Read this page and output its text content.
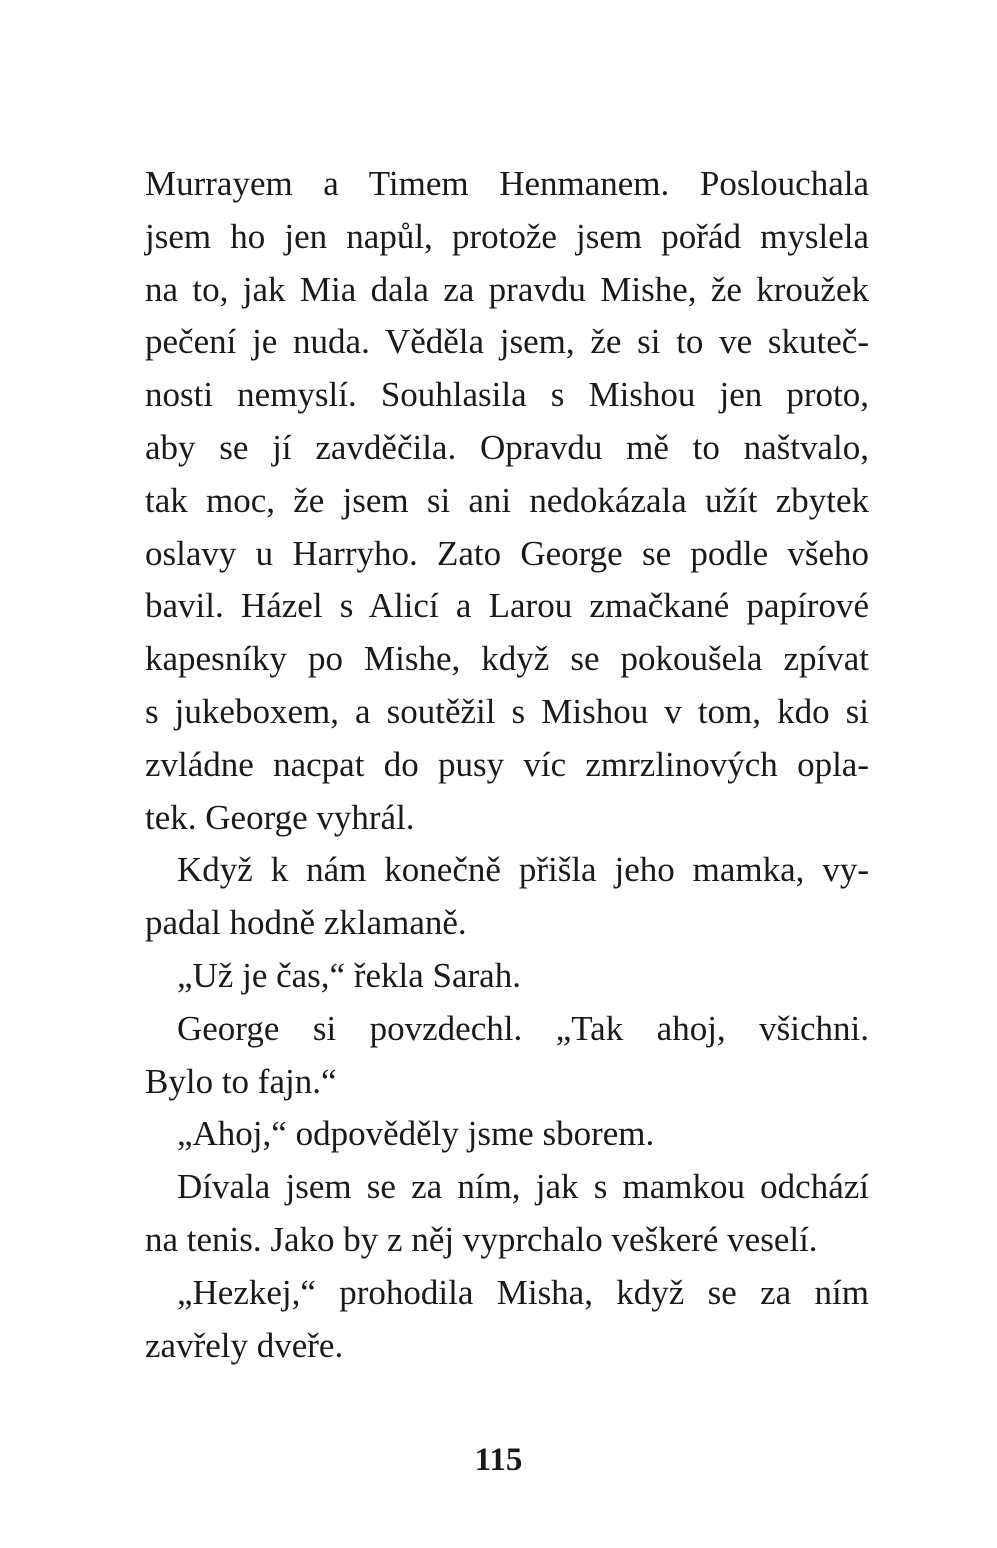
Murrayem a Timem Henmanem. Poslouchala
jsem ho jen napůl, protože jsem pořád myslela
na to, jak Mia dala za pravdu Mishe, že kroužek
pečení je nuda. Věděla jsem, že si to ve skuteč-
nosti nemyslí. Souhlasila s Mishou jen proto,
aby se jí zavděčila. Opravdu mě to naštvalo,
tak moc, že jsem si ani nedokázala užít zbytek
oslavy u Harryho. Zato George se podle všeho
bavil. Házel s Alicí a Larou zmačkané papírové
kapesníky po Mishe, když se pokoušela zpívat
s jukeboxem, a soutěžil s Mishou v tom, kdo si
zvládne nacpat do pusy víc zmrzlinových opla-
tek. George vyhrál.
Když k nám konečně přišla jeho mamka, vy-
padal hodně zklamaně.
„Už je čas,“ řekla Sarah.
George si povzdechl. „Tak ahoj, všichni.
Bylo to fajn.“
„Ahoj,“ odpověděly jsme sborem.
Dívala jsem se za ním, jak s mamkou odchází
na tenis. Jako by z něj vyprchalo veškeré veselí.
„Hezkej,“ prohodila Misha, když se za ním
zavřely dveře.
115
